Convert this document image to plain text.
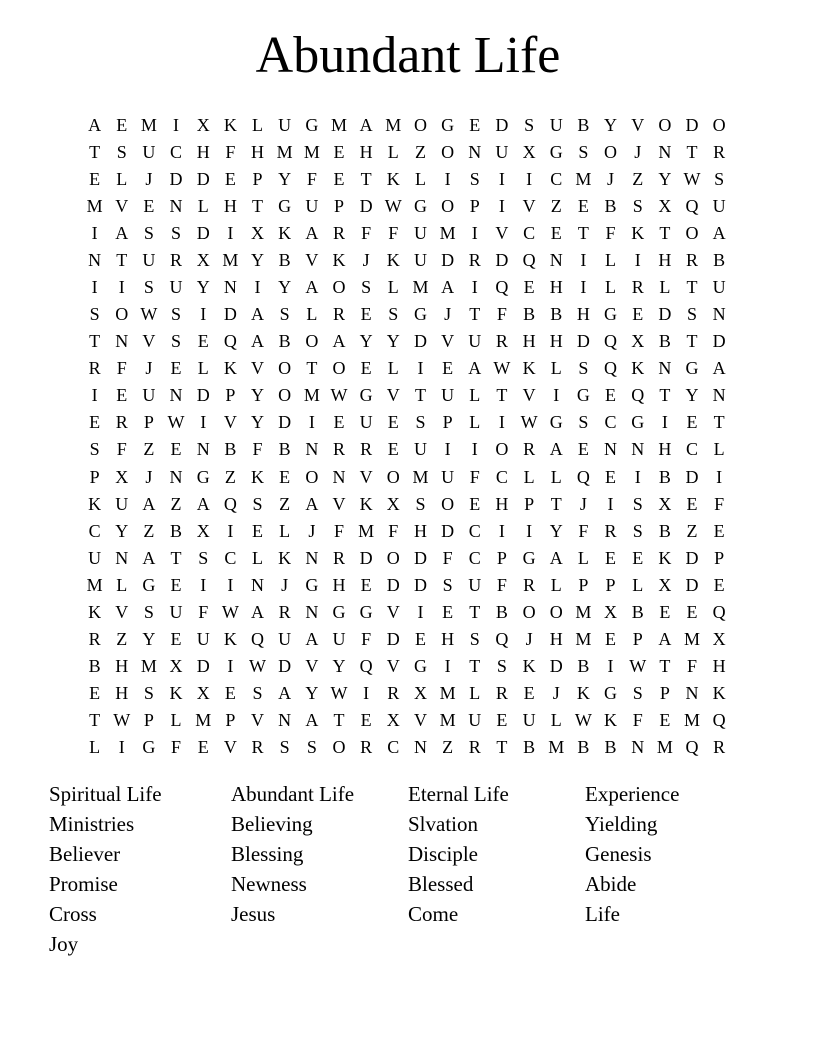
Abundant Life
A E M I X K L U G M A M O G E D S U B Y V O D O
T S U C H F H M M E H L Z O N U X G S O J N T R
E L	J D D E P Y F E T K L	I	S	I	I	C M J	Z Y W S
M V E N L H T G U P D W G O P	I V Z E B S X Q U
I A S S D I X K A R F F U M I V C E T F K T O A
N T U R X M Y B V K J K U D R D Q N I	L	I H R B
I	I	S U Y N I Y A O S L M A I Q E H I	L R L T U
S O W S	I D A S L R E S G J	T F B B H G E D S N
T N V S E Q A B O A Y Y D V U R H H D Q X B T D
R F	J	E L K V O T O E L	I	E A W K L S Q K N G A
I	E U N D P Y O M W G V T U L T V I G E Q T Y N
E R P W I V Y D I	E U E S P L	I W G S C G I	E T
S F Z E N B F B N R R E U I	I O R A E N N H C L
P X J N G Z K E O N V O M U F C L L Q E	I	B D I
K U A Z A Q S Z A V K X S O E H P T	J	I	S X E F
C Y Z B X I	E L	J	F M F H D C	I	I Y F R S B Z E
U N A T S C L K N R D O D F C P G A L E E K D P
M L G E	I	I N J G H E D D S U F R L P P L X D E
K V S U F W A R N G G V I	E T B O O M X B E E Q
R Z Y E U K Q U A U F D E H S Q J H M E P A M X
B H M X D I W D V Y Q V G I	T S K D B	I W T F H
E H S K X E S A Y W I	R X M L R E	J K G S P N K
T W P L M P V N A T E X V M U E U L W K F E M Q
L	I G F E V R S S O R C N Z R T B M B B N M Q R
Spiritual Life
Ministries
Believer
Promise
Cross
Joy
Abundant Life
Believing
Blessing
Newness
Jesus
Eternal Life
Slvation
Disciple
Blessed
Come
Experience
Yielding
Genesis
Abide
Life
